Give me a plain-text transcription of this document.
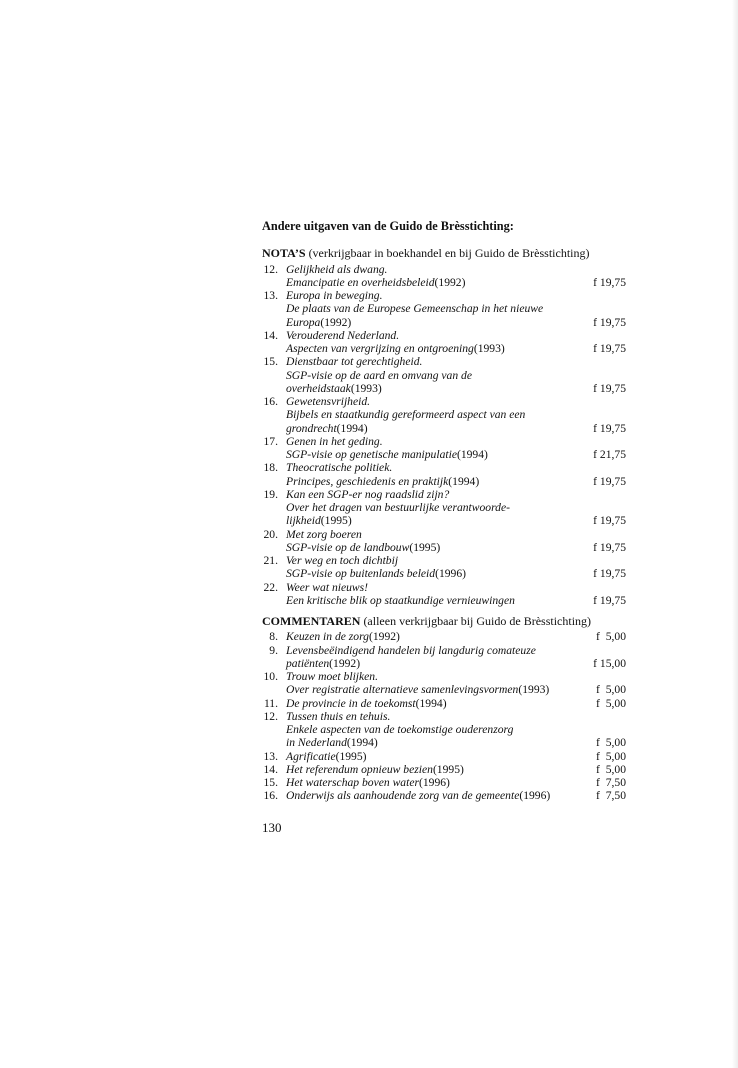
Andere uitgaven van de Guido de Brèsstichting:
NOTA’S (verkrijgbaar in boekhandel en bij Guido de Brèsstichting)
12. Gelijkheid als dwang.
Emancipatie en overheidsbeleid(1992)	f 19,75
13. Europa in beweging.
De plaats van de Europese Gemeenschap in het nieuwe
Europa(1992)	f 19,75
14. Verouderend Nederland.
Aspecten van vergrijzing en ontgroening(1993)	f 19,75
15. Dienstbaar tot gerechtigheid.
SGP-visie op de aard en omvang van de
overheidstaak(1993)	f 19,75
16. Gewetensvrijheid.
Bijbels en staatkundig gereformeerd aspect van een
grondrecht(1994)	f 19,75
17. Genen in het geding.
SGP-visie op genetische manipulatie(1994)	f 21,75
18. Theocratische politiek.
Principes, geschiedenis en praktijk(1994)	f 19,75
19. Kan een SGP-er nog raadslid zijn?
Over het dragen van bestuurlijke verantwoorde-
lijkheid(1995)	f 19,75
20. Met zorg boeren
SGP-visie op de landbouw(1995)	f 19,75
21. Ver weg en toch dichtbij
SGP-visie op buitenlands beleid(1996)	f 19,75
22. Weer wat nieuws!
Een kritische blik op staatkundige vernieuwingen	f 19,75
COMMENTAREN (alleen verkrijgbaar bij Guido de Brèsstichting)
8. Keuzen in de zorg(1992)	f  5,00
9. Levensbeëindigend handelen bij langdurig comateuze
patiënten(1992)	f 15,00
10. Trouw moet blijken.
Over registratie alternatieve samenlevingsvormen(1993)	f  5,00
11. De provincie in de toekomst(1994)	f  5,00
12. Tussen thuis en tehuis.
Enkele aspecten van de toekomstige ouderenzorg
in Nederland(1994)	f  5,00
13. Agrificatie(1995)	f  5,00
14. Het referendum opnieuw bezien(1995)	f  5,00
15. Het waterschap boven water(1996)	f  7,50
16. Onderwijs als aanhoudende zorg van de gemeente(1996)	f  7,50
130
